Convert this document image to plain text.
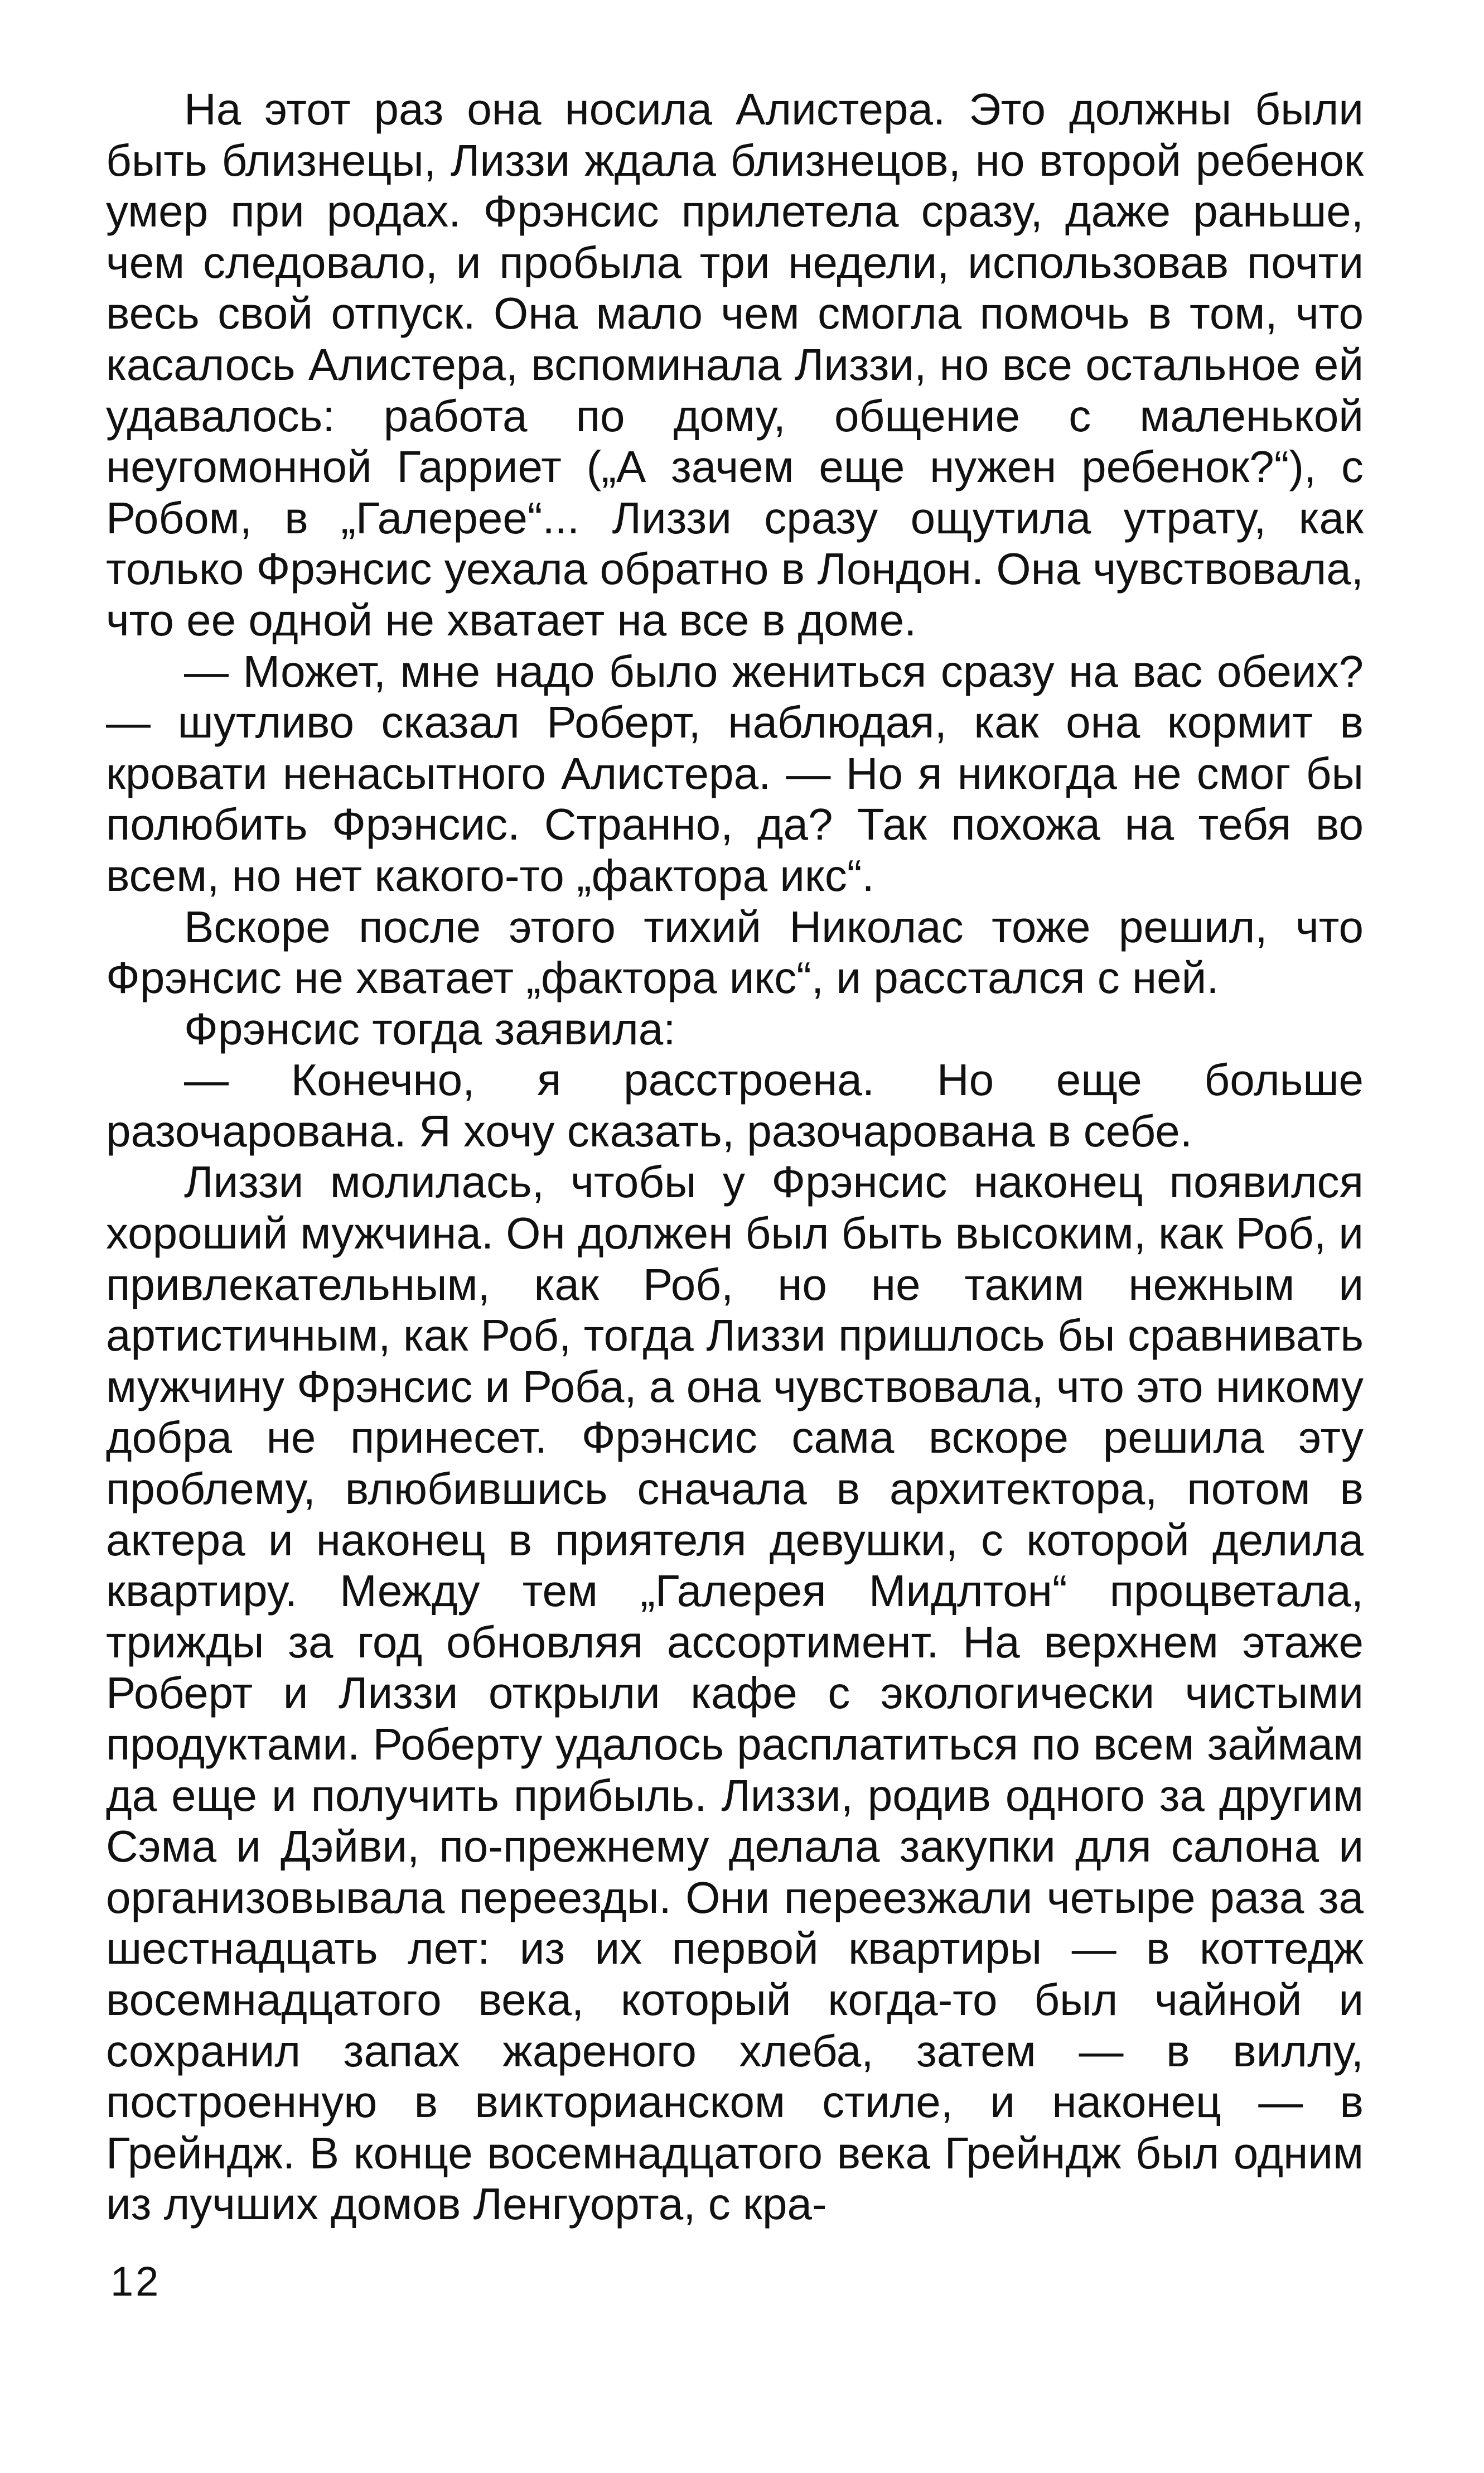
На этот раз она носила Алистера. Это должны были быть близнецы, Лиззи ждала близнецов, но второй ребенок умер при родах. Фрэнсис прилетела сразу, даже раньше, чем следовало, и пробыла три недели, использовав почти весь свой отпуск. Она мало чем смогла помочь в том, что касалось Алистера, вспоминала Лиззи, но все остальное ей удавалось: работа по дому, общение с маленькой неугомонной Гарриет („А зачем еще нужен ребенок?“), с Робом, в „Галерее“... Лиззи сразу ощутила утрату, как только Фрэнсис уехала обратно в Лондон. Она чувствовала, что ее одной не хватает на все в доме.

— Может, мне надо было жениться сразу на вас обеих? — шутливо сказал Роберт, наблюдая, как она кормит в кровати ненасытного Алистера. — Но я никогда не смог бы полюбить Фрэнсис. Странно, да? Так похожа на тебя во всем, но нет какого-то „фактора икс“.

Вскоре после этого тихий Николас тоже решил, что Фрэнсис не хватает „фактора икс“, и расстался с ней.

Фрэнсис тогда заявила:

— Конечно, я расстроена. Но еще больше разочарована. Я хочу сказать, разочарована в себе.

Лиззи молилась, чтобы у Фрэнсис наконец появился хороший мужчина. Он должен был быть высоким, как Роб, и привлекательным, как Роб, но не таким нежным и артистичным, как Роб, тогда Лиззи пришлось бы сравнивать мужчину Фрэнсис и Роба, а она чувствовала, что это никому добра не принесет. Фрэнсис сама вскоре решила эту проблему, влюбившись сначала в архитектора, потом в актера и наконец в приятеля девушки, с которой делила квартиру. Между тем „Галерея Мидлтон“ процветала, трижды за год обновляя ассортимент. На верхнем этаже Роберт и Лиззи открыли кафе с экологически чистыми продуктами. Роберту удалось расплатиться по всем займам да еще и получить прибыль. Лиззи, родив одного за другим Сэма и Дэйви, по-прежнему делала закупки для салона и организовывала переезды. Они переезжали четыре раза за шестнадцать лет: из их первой квартиры — в коттедж восемнадцатого века, который когда-то был чайной и сохранил запах жареного хлеба, затем — в виллу, построенную в викторианском стиле, и наконец — в Грейндж. В конце восемнадцатого века Грейндж был одним из лучших домов Ленгуорта, с кра-

12
